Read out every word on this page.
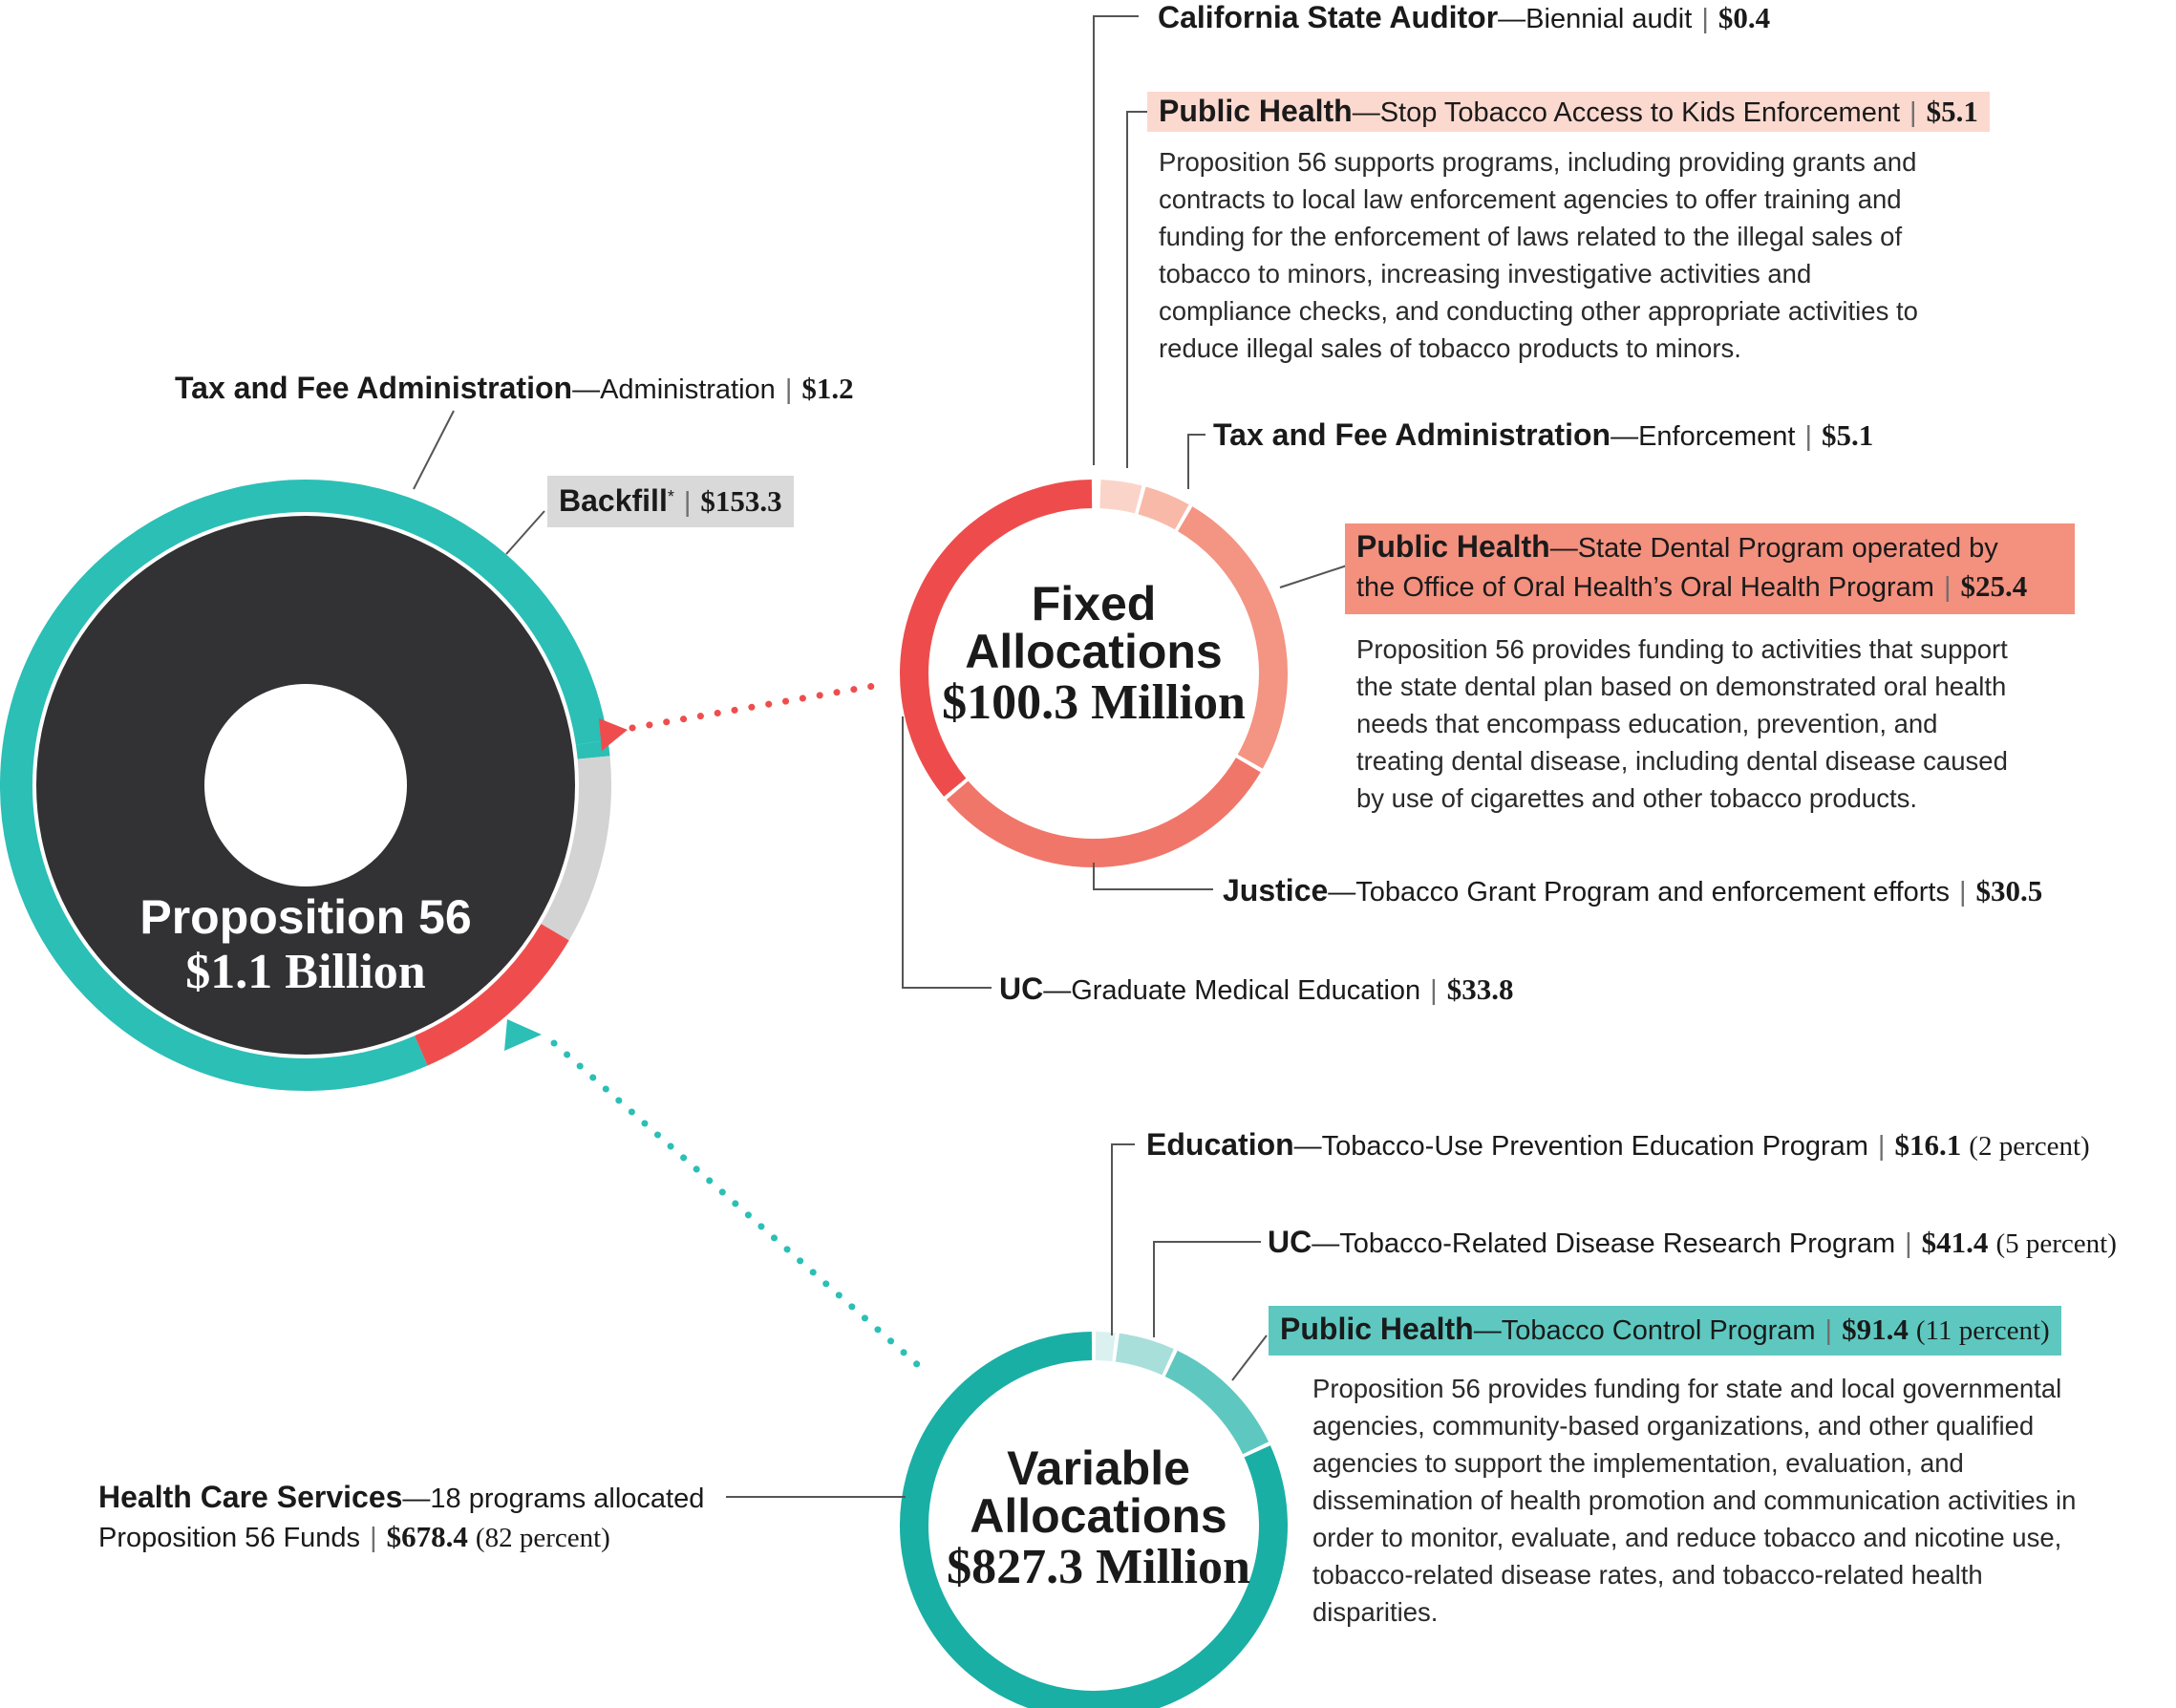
Proposition 56
$1.1 Billion
Fixed
Allocations
$100.3 Million
Variable
Allocations
$827.3 Million
California State Auditor—Biennial audit | $0.4
Public Health—Stop Tobacco Access to Kids Enforcement | $5.1
Proposition 56 supports programs, including providing grants and contracts to local law enforcement agencies to offer training and funding for the enforcement of laws related to the illegal sales of tobacco to minors, increasing investigative activities and compliance checks, and conducting other appropriate activities to reduce illegal sales of tobacco products to minors.
Tax and Fee Administration—Enforcement | $5.1
Public Health—State Dental Program operated by
the Office of Oral Health’s Oral Health Program | $25.4
Proposition 56 provides funding to activities that support the state dental plan based on demonstrated oral health needs that encompass education, prevention, and treating dental disease, including dental disease caused by use of cigarettes and other tobacco products.
Justice—Tobacco Grant Program and enforcement efforts | $30.5
UC—Graduate Medical Education | $33.8
Tax and Fee Administration—Administration | $1.2
Backfill* | $153.3
Education—Tobacco-Use Prevention Education Program | $16.1 (2 percent)
UC—Tobacco-Related Disease Research Program | $41.4 (5 percent)
Public Health—Tobacco Control Program | $91.4 (11 percent)
Proposition 56 provides funding for state and local governmental agencies, community-based organizations, and other qualified agencies to support the implementation, evaluation, and dissemination of health promotion and communication activities in order to monitor, evaluate, and reduce tobacco and nicotine use, tobacco-related disease rates, and tobacco-related health disparities.
Health Care Services—18 programs allocated
Proposition 56 Funds | $678.4 (82 percent)
